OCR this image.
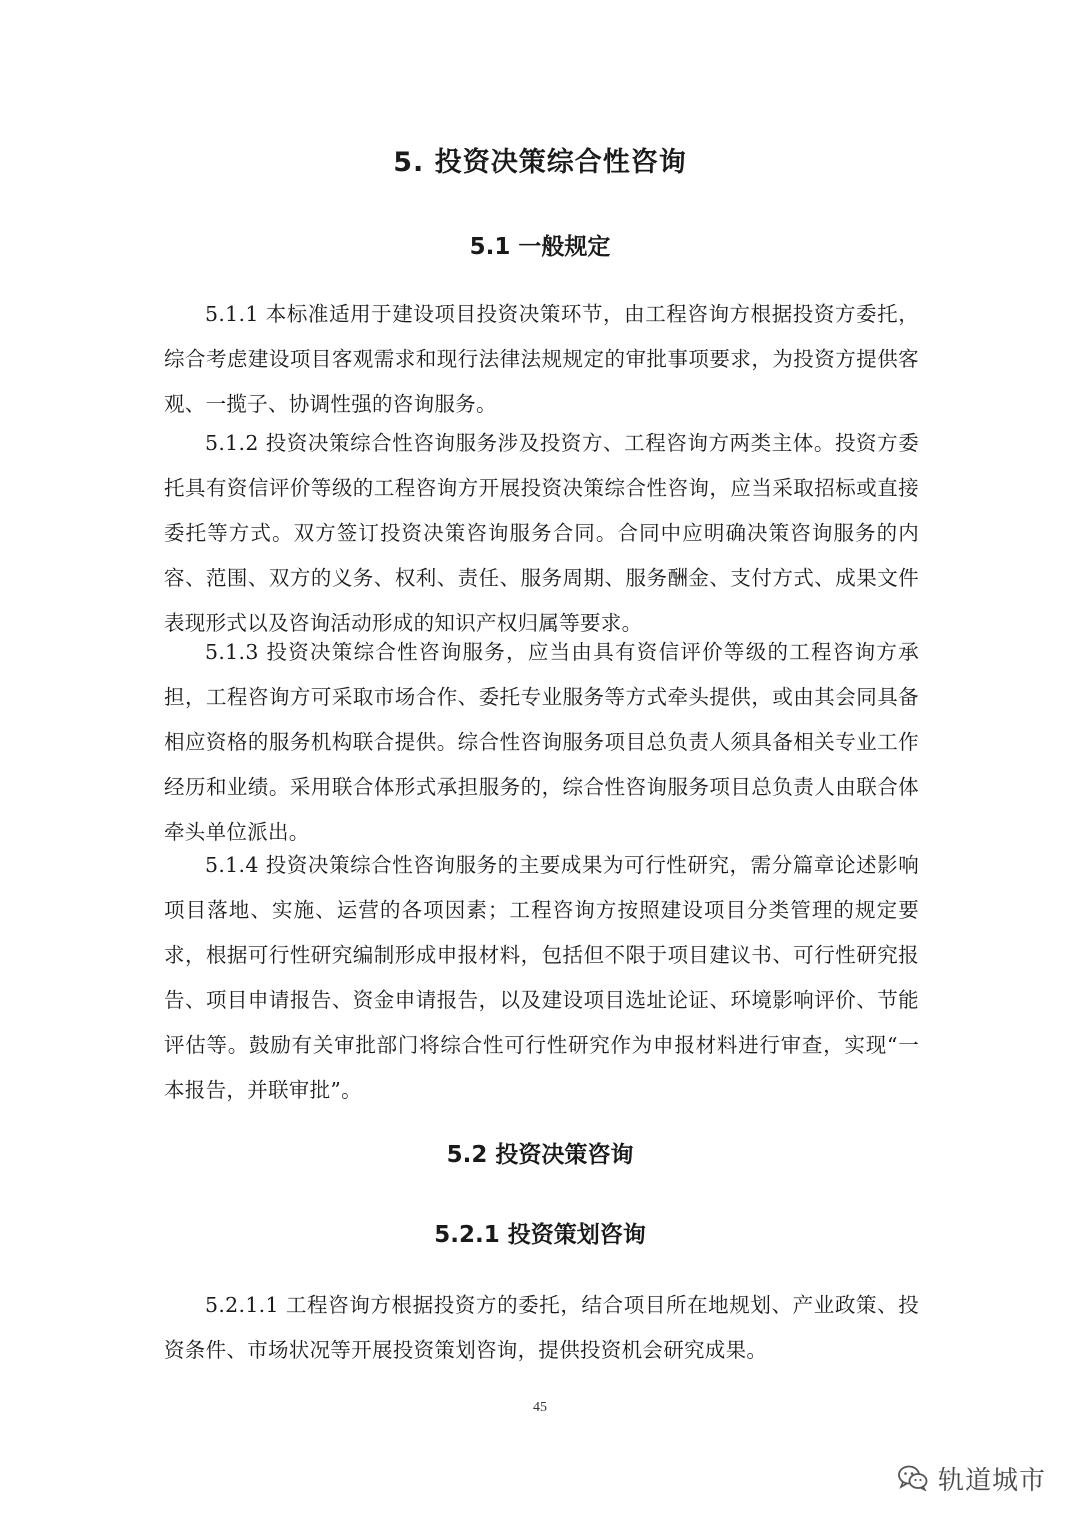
5. 投资决策综合性咨询
5.1 一般规定

5.1.1 本标准适用于建设项目投资决策环节，由工程咨询方根据投资方委托，综合考虑建设项目客观需求和现行法律法规规定的审批事项要求，为投资方提供客观、一揽子、协调性强的咨询服务。

5.1.2 投资决策综合性咨询服务涉及投资方、工程咨询方两类主体。投资方委托具有资信评价等级的工程咨询方开展投资决策综合性咨询，应当采取招标或直接委托等方式。双方签订投资决策咨询服务合同。合同中应明确决策咨询服务的内容、范围、双方的义务、权利、责任、服务周期、服务酬金、支付方式、成果文件表现形式以及咨询活动形成的知识产权归属等要求。

5.1.3 投资决策综合性咨询服务，应当由具有资信评价等级的工程咨询方承担，工程咨询方可采取市场合作、委托专业服务等方式牵头提供，或由其会同具备相应资格的服务机构联合提供。综合性咨询服务项目总负责人须具备相关专业工作经历和业绩。采用联合体形式承担服务的，综合性咨询服务项目总负责人由联合体牵头单位派出。

5.1.4 投资决策综合性咨询服务的主要成果为可行性研究，需分篇章论述影响项目落地、实施、运营的各项因素；工程咨询方按照建设项目分类管理的规定要求，根据可行性研究编制形成申报材料，包括但不限于项目建议书、可行性研究报告、项目申请报告、资金申请报告，以及建设项目选址论证、环境影响评价、节能评估等。鼓励有关审批部门将综合性可行性研究作为申报材料进行审查，实现“一本报告，并联审批”。

5.2 投资决策咨询
5.2.1 投资策划咨询

5.2.1.1 工程咨询方根据投资方的委托，结合项目所在地规划、产业政策、投资条件、市场状况等开展投资策划咨询，提供投资机会研究成果。

45
轨道城市
